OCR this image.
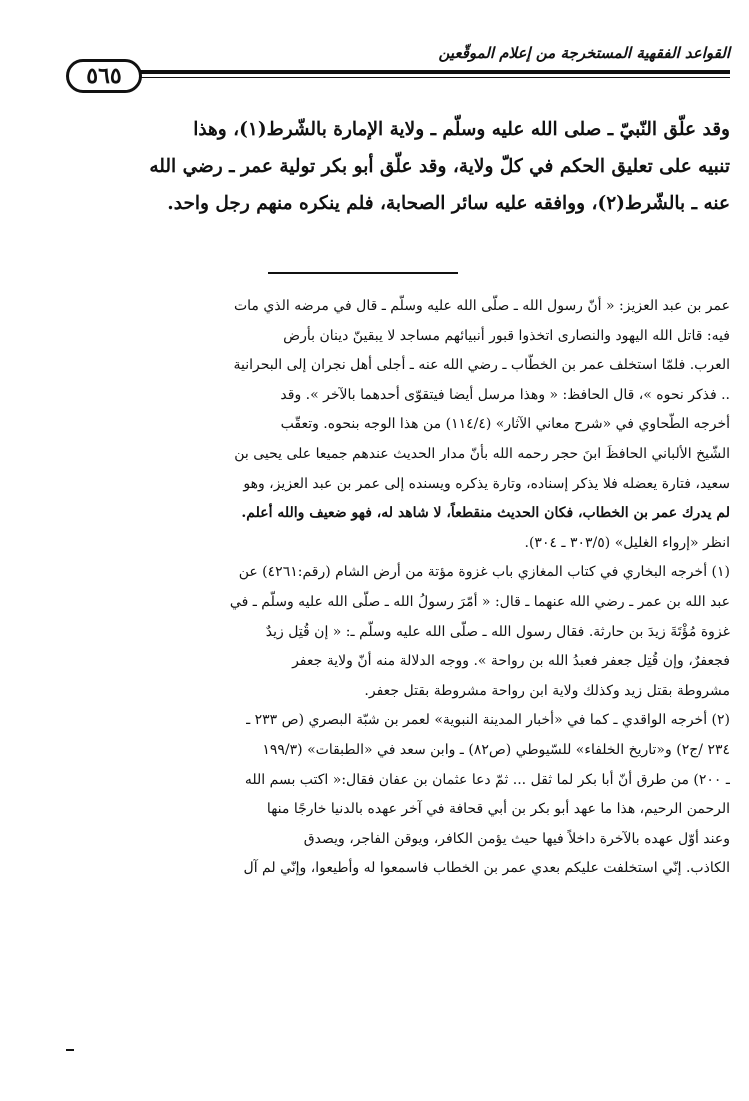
القواعد الفقهية المستخرجة من إعلام الموقّعين
٥٦٥

وقد علّق النّبيّ ـ صلى الله عليه وسلّم ـ ولاية الإمارة بالشّرط(١)، وهذا

تنبيه على تعليق الحكم في كلّ ولاية، وقد علّق أبو بكر تولية عمر ـ رضي الله

عنه ـ بالشّرط(٢)، ووافقه عليه سائر الصحابة، فلم ينكره منهم رجل واحد.

عمر بن عبد العزيز: « أنّ رسول الله ـ صلّى الله عليه وسلّم ـ قال في مرضه الذي مات

فيه: قاتل الله اليهود والنصارى اتخذوا قبور أنبيائهم مساجد لا يبقينّ دينان بأرض

العرب. فلمّا استخلف عمر بن الخطّاب ـ رضي الله عنه ـ أجلى أهل نجران إلى البحرانية

.. فذكر نحوه »، قال الحافظ: « وهذا مرسل أيضا فيتقوّى أحدهما بالآخر ». وقد

أخرجه الطّحاوي في «شرح معاني الآثار» (١١٤/٤) من هذا الوجه بنحوه. وتعقّب

الشّيخ الألباني الحافظَ ابنَ حجر رحمه الله بأنّ مدار الحديث عندهم جميعا على يحيى بن

سعيد، فتارة يعضله فلا يذكر إسناده، وتارة يذكره ويسنده إلى عمر بن عبد العزيز، وهو

لم يدرك عمر بن الخطاب، فكان الحديث منقطعاً، لا شاهد له، فهو ضعيف والله أعلم.

انظر «إرواء الغليل» (٣٠٣/٥ ـ ٣٠٤).

(١) أخرجه البخاري في كتاب المغازي باب غزوة مؤتة من أرض الشام (رقم:٤٢٦١) عن

عبد الله بن عمر ـ رضي الله عنهما ـ قال: « أمّرَ رسولُ الله ـ صلّى الله عليه وسلّم ـ في

غزوة مُؤْتَةَ زيدَ بن حارثة. فقال رسول الله ـ صلّى الله عليه وسلّم ـ: « إن قُتِل زيدٌ

فجعفرٌ، وإن قُتِل جعفر فعبدُ الله بن رواحة ». ووجه الدلالة منه أنّ ولاية جعفر

مشروطة بقتل زيد وكذلك ولاية ابن رواحة مشروطة بقتل جعفر.

(٢) أخرجه الواقدي ـ كما في «أخبار المدينة النبوية» لعمر بن شبّة البصري (ص ٢٣٣ ـ

٢٣٤ /ج٢) و«تاريخ الخلفاء» للسّيوطي (ص٨٢) ـ وابن سعد في «الطبقات» (١٩٩/٣

ـ ٢٠٠) من طرق أنّ أبا بكر لما ثقل ... ثمّ دعا عثمان بن عفان فقال:« اكتب بسم الله

الرحمن الرحيم، هذا ما عهد أبو بكر بن أبي قحافة في آخر عهده بالدنيا خارجًا منها

وعند أوّل عهده بالآخرة داخلاً فيها حيث يؤمن الكافر، ويوقن الفاجر، ويصدق

الكاذب. إنّي استخلفت عليكم بعدي عمر بن الخطاب فاسمعوا له وأطيعوا، وإنّي لم آل
